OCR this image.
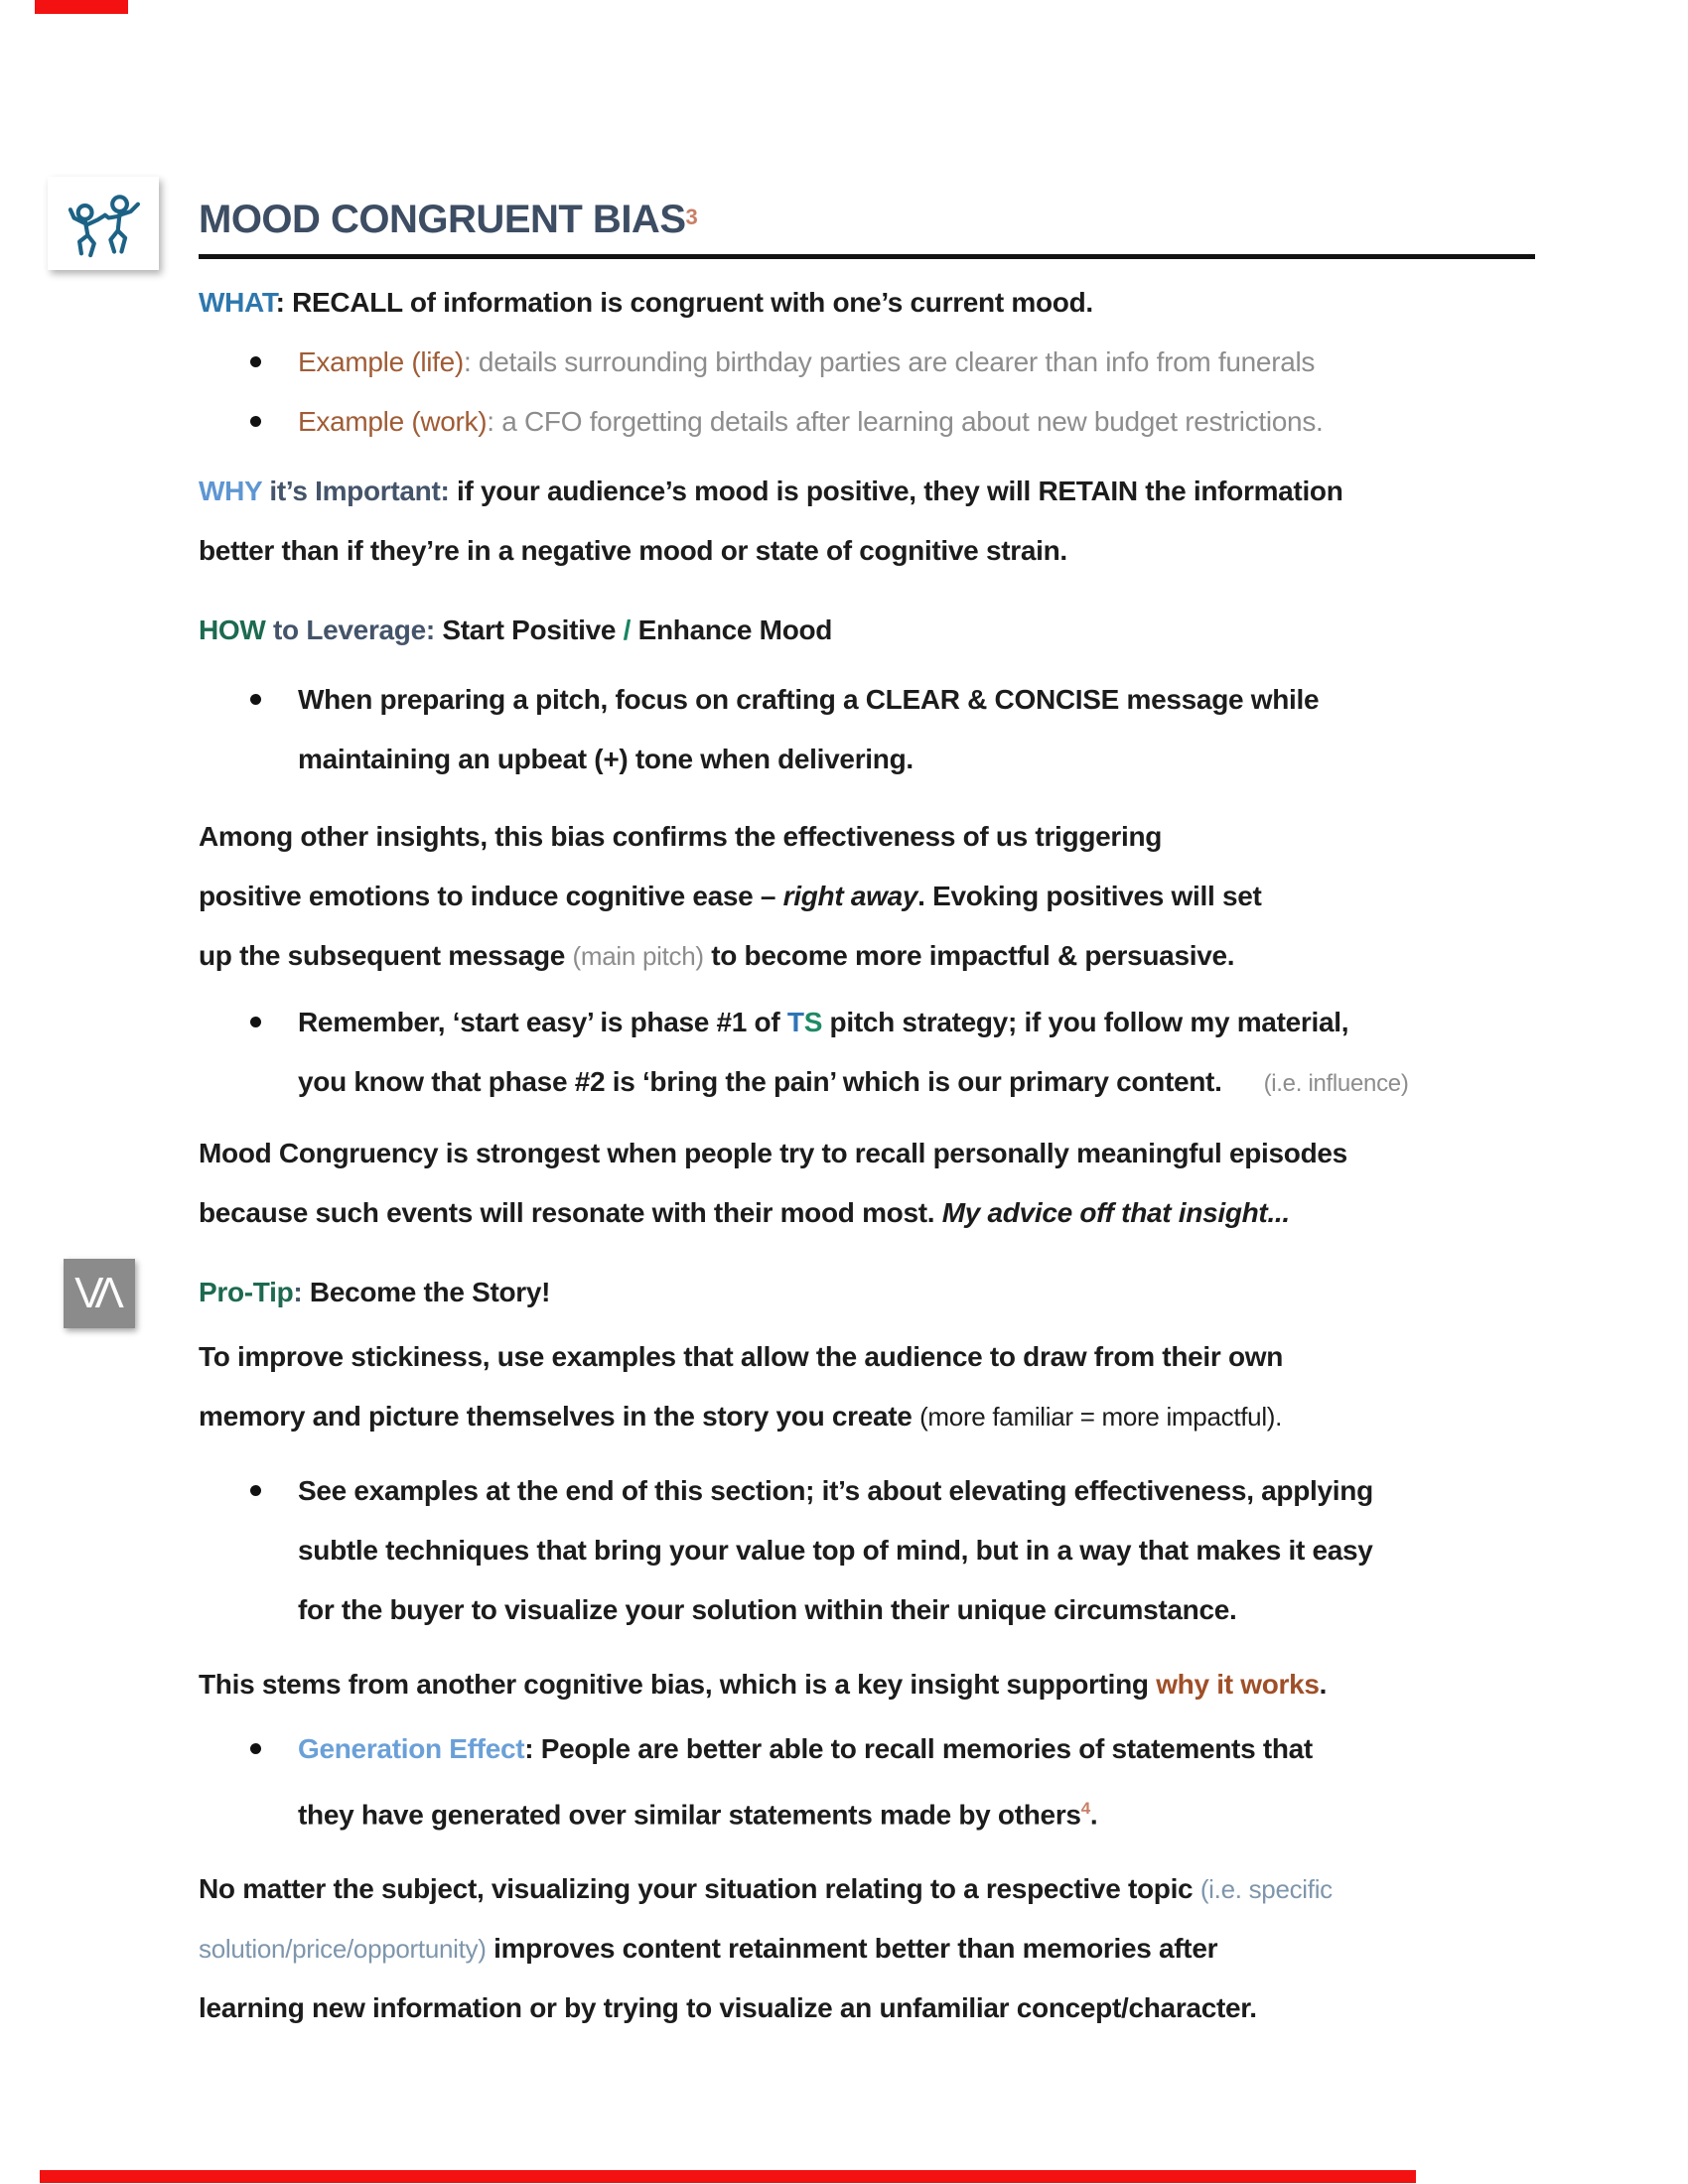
VΛ
MOOD CONGRUENT BIAS$^3$
WHAT: RECALL of information is congruent with one’s current mood.
Example (life): details surrounding birthday parties are clearer than info from funerals
Example (work): a CFO forgetting details after learning about new budget restrictions.
WHY it’s Important: if your audience’s mood is positive, they will RETAIN the information
better than if they’re in a negative mood or state of cognitive strain.
HOW to Leverage: Start Positive / Enhance Mood
When preparing a pitch, focus on crafting a CLEAR & CONCISE message while
maintaining an upbeat (+) tone when delivering.
Among other insights, this bias confirms the effectiveness of us triggering
positive emotions to induce cognitive ease – right away. Evoking positives will set
up the subsequent message (main pitch) to become more impactful & persuasive.
Remember, ‘start easy’ is phase #1 of TS pitch strategy; if you follow my material,
you know that phase #2 is ‘bring the pain’ which is our primary content. (i.e. influence)
Mood Congruency is strongest when people try to recall personally meaningful episodes
because such events will resonate with their mood most. My advice off that insight...
Pro-Tip: Become the Story!
To improve stickiness, use examples that allow the audience to draw from their own
memory and picture themselves in the story you create (more familiar = more impactful).
See examples at the end of this section; it’s about elevating effectiveness, applying
subtle techniques that bring your value top of mind, but in a way that makes it easy
for the buyer to visualize your solution within their unique circumstance.
This stems from another cognitive bias, which is a key insight supporting why it works.
Generation Effect: People are better able to recall memories of statements that
they have generated over similar statements made by others$^4$.
No matter the subject, visualizing your situation relating to a respective topic (i.e. specific
solution/price/opportunity) improves content retainment better than memories after
learning new information or by trying to visualize an unfamiliar concept/character.
